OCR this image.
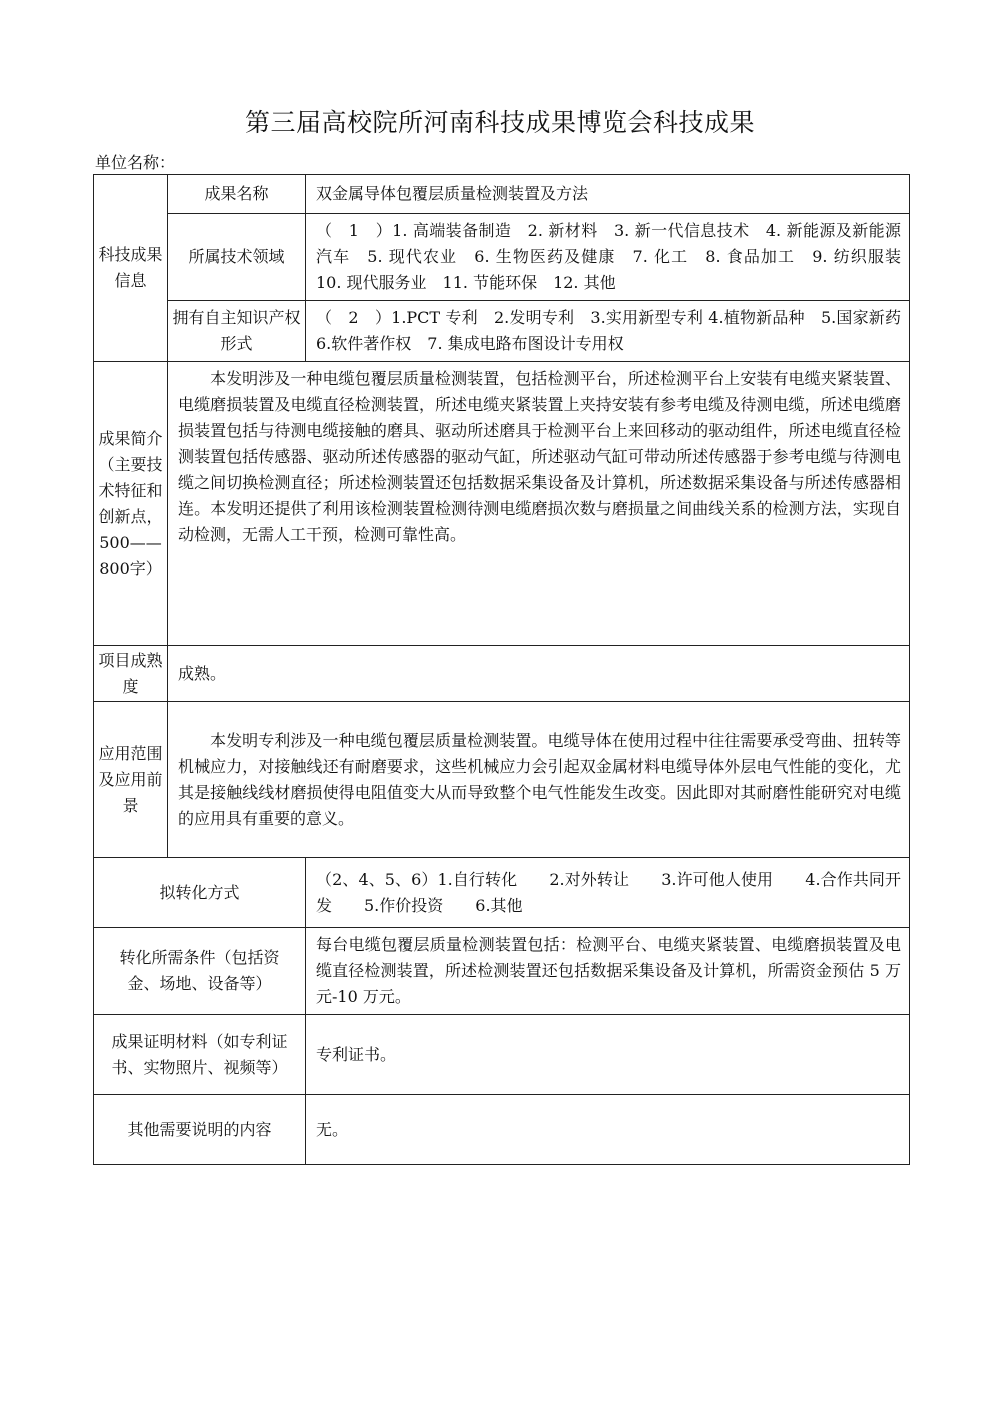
第三届高校院所河南科技成果博览会科技成果
单位名称：
科技成果信息	成果名称	双金属导体包覆层质量检测装置及方法
	所属技术领域	（　1　）1. 高端装备制造　2. 新材料　3. 新一代信息技术　4. 新能源及新能源汽车　5. 现代农业　6. 生物医药及健康　7. 化工　8. 食品加工　9. 纺织服装　10. 现代服务业　11. 节能环保　12. 其他
	拥有自主知识产权形式	（　2　）1.PCT 专利　2.发明专利　3.实用新型专利 4.植物新品种　5.国家新药　 6.软件著作权　7. 集成电路布图设计专用权
成果简介（主要技术特征和创新点，500——800字）	本发明涉及一种电缆包覆层质量检测装置，包括检测平台，所述检测平台上安装有电缆夹紧装置、电缆磨损装置及电缆直径检测装置，所述电缆夹紧装置上夹持安装有参考电缆及待测电缆，所述电缆磨损装置包括与待测电缆接触的磨具、驱动所述磨具于检测平台上来回移动的驱动组件，所述电缆直径检测装置包括传感器、驱动所述传感器的驱动气缸，所述驱动气缸可带动所述传感器于参考电缆与待测电缆之间切换检测直径；所述检测装置还包括数据采集设备及计算机，所述数据采集设备与所述传感器相连。本发明还提供了利用该检测装置检测待测电缆磨损次数与磨损量之间曲线关系的检测方法，实现自动检测，无需人工干预，检测可靠性高。	
项目成熟度	成熟。	
应用范围及应用前景	本发明专利涉及一种电缆包覆层质量检测装置。电缆导体在使用过程中往往需要承受弯曲、扭转等机械应力，对接触线还有耐磨要求，这些机械应力会引起双金属材料电缆导体外层电气性能的变化，尤其是接触线线材磨损使得电阻值变大从而导致整个电气性能发生改变。因此即对其耐磨性能研究对电缆的应用具有重要的意义。	
拟转化方式		（2、4、5、6）1.自行转化　　2.对外转让　　3.许可他人使用　　4.合作共同开发　　5.作价投资　　6.其他
转化所需条件（包括资金、场地、设备等）		每台电缆包覆层质量检测装置包括：检测平台、电缆夹紧装置、电缆磨损装置及电缆直径检测装置，所述检测装置还包括数据采集设备及计算机，所需资金预估 5 万元-10 万元。
成果证明材料（如专利证书、实物照片、视频等）		专利证书。
其他需要说明的内容		无。
